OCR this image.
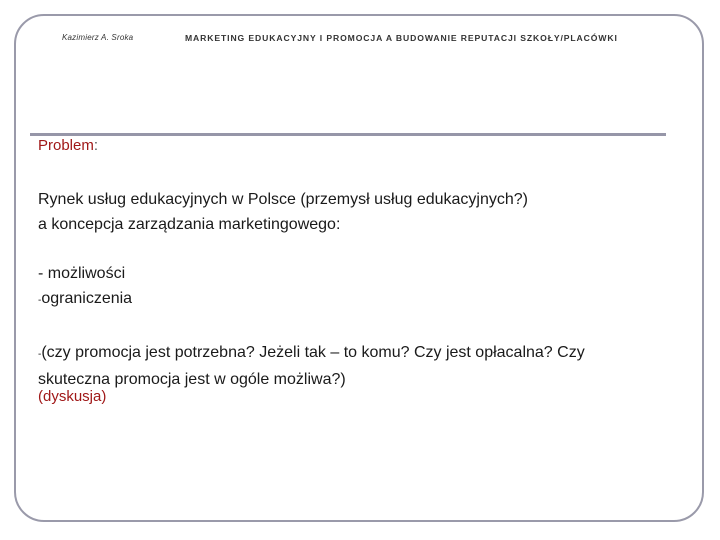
Kazimierz A. Sroka	MARKETING EDUKACYJNY I PROMOCJA A BUDOWANIE REPUTACJI SZKOŁY/PLACÓWKI
Problem:
Rynek usług edukacyjnych w Polsce (przemysł usług edukacyjnych?)
a koncepcja zarządzania marketingowego:
- możliwości
-ograniczenia
-(czy promocja jest potrzebna? Jeżeli tak – to komu? Czy jest opłacalna? Czy
skuteczna promocja jest w ogóle możliwa?)
(dyskusja)
